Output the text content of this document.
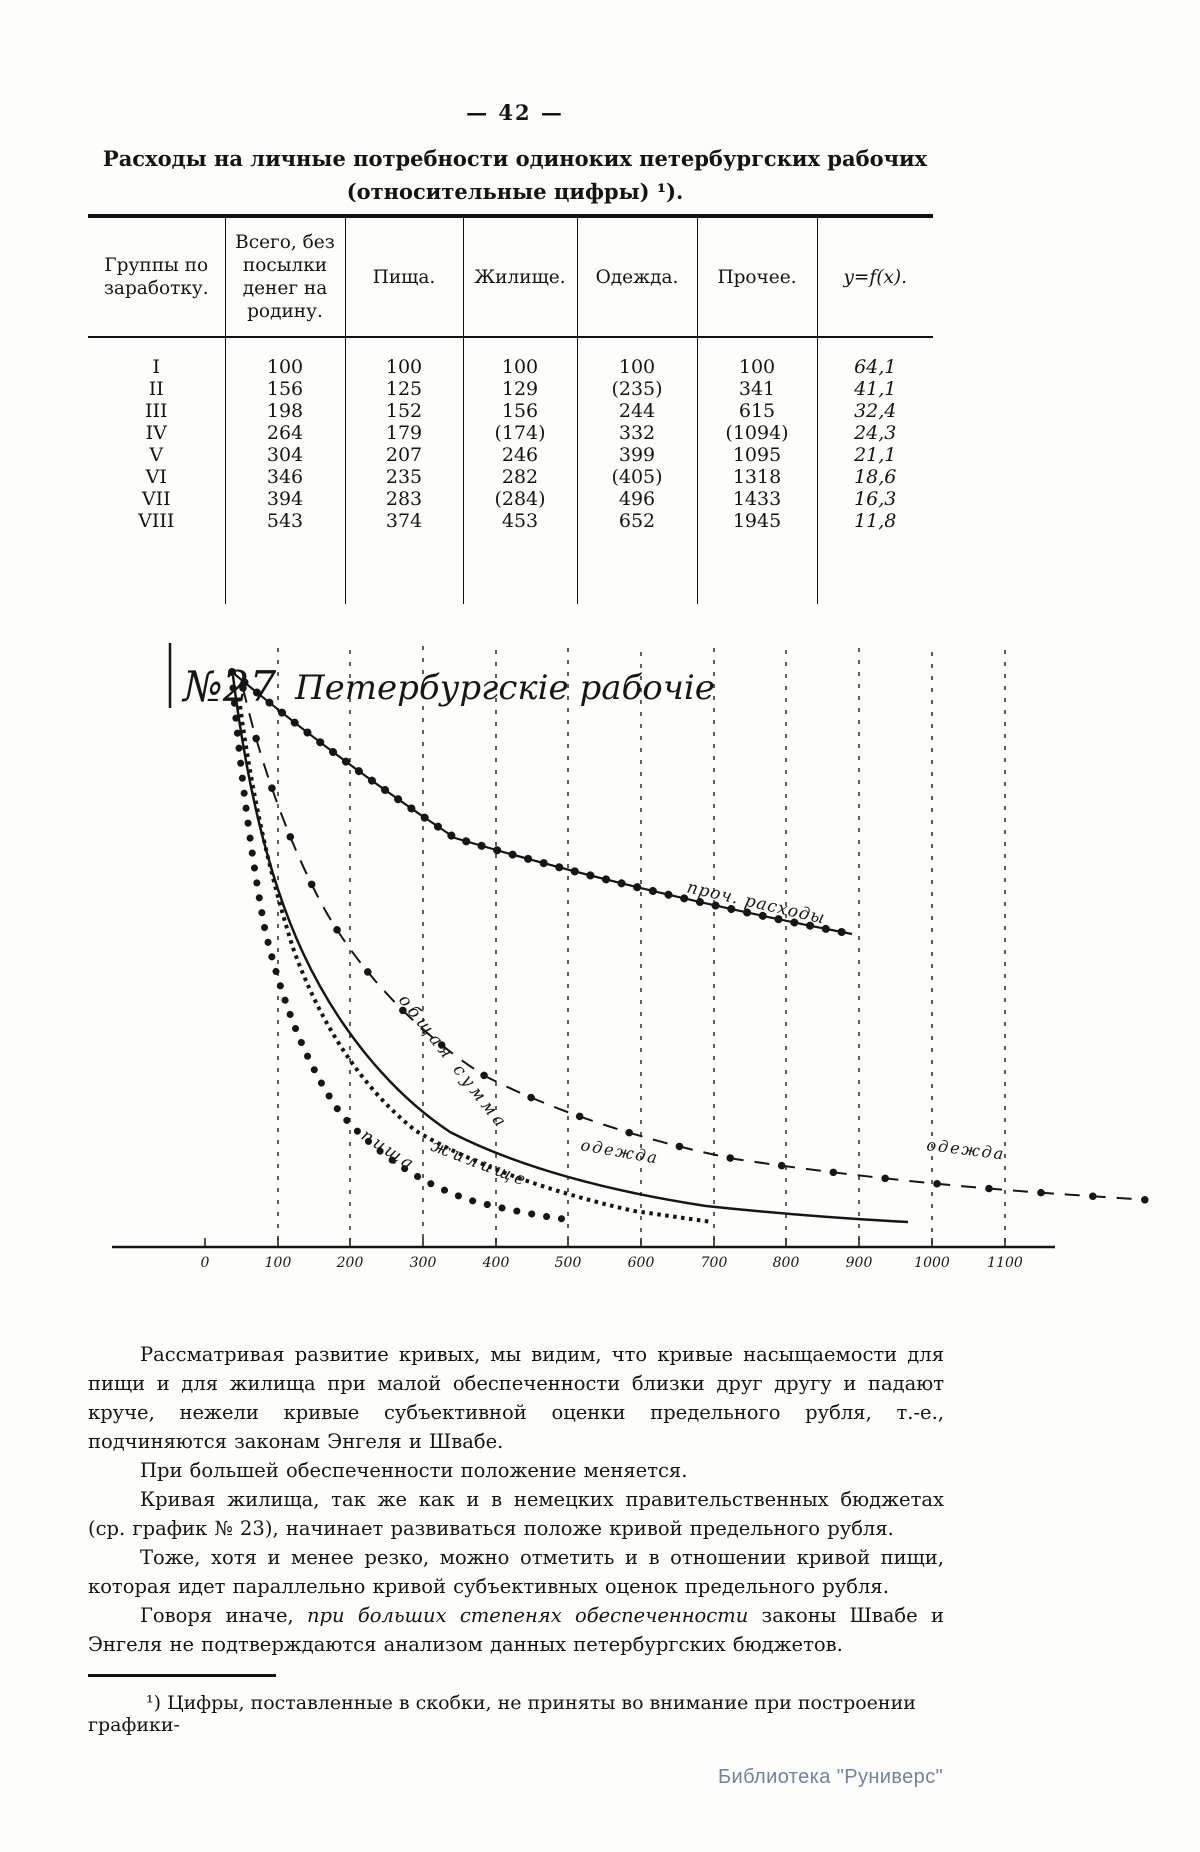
— 42 —
Расходы на личные потребности одиноких петербургских рабочих
(относительные цифры) ¹).
Группы по заработку.	Всего, без посылки денег на родину.	Пища.	Жилище.	Одежда.	Прочее.	y=f(x).
I	100	100	100	100	100	64,1
II	156	125	129	(235)	341	41,1
III	198	152	156	244	615	32,4
IV	264	179	(174)	332	(1094)	24,3
V	304	207	246	399	1095	21,1
VI	346	235	282	(405)	1318	18,6
VII	394	283	(284)	496	1433	16,3
VIII	543	374	453	652	1945	11,8

№27 Петербургскіе рабочіе
0	100	200	300	400	500	600	700	800	900	1000	1100
проч. расходы
общая сумма
жилище
пища	одежда	одежда

Рассматривая развитие кривых, мы видим, что кривые насыщаемости для пищи и для жилища при малой обеспеченности близки друг другу и падают круче, нежели кривые субъективной оценки предельного рубля, т.-е., подчиняются законам Энгеля и Швабе.

При большей обеспеченности положение меняется.

Кривая жилища, так же как и в немецких правительственных бюджетах (ср. график № 23), начинает развиваться положе кривой предельного рубля.

Тоже, хотя и менее резко, можно отметить и в отношении кривой пищи, которая идет параллельно кривой субъективных оценок предельного рубля.

Говоря иначе, при больших степенях обеспеченности законы Швабе и Энгеля не подтверждаются анализом данных петербургских бюджетов.

¹) Цифры, поставленные в скобки, не приняты во внимание при построении графики-
Библиотека "Руниверс"
